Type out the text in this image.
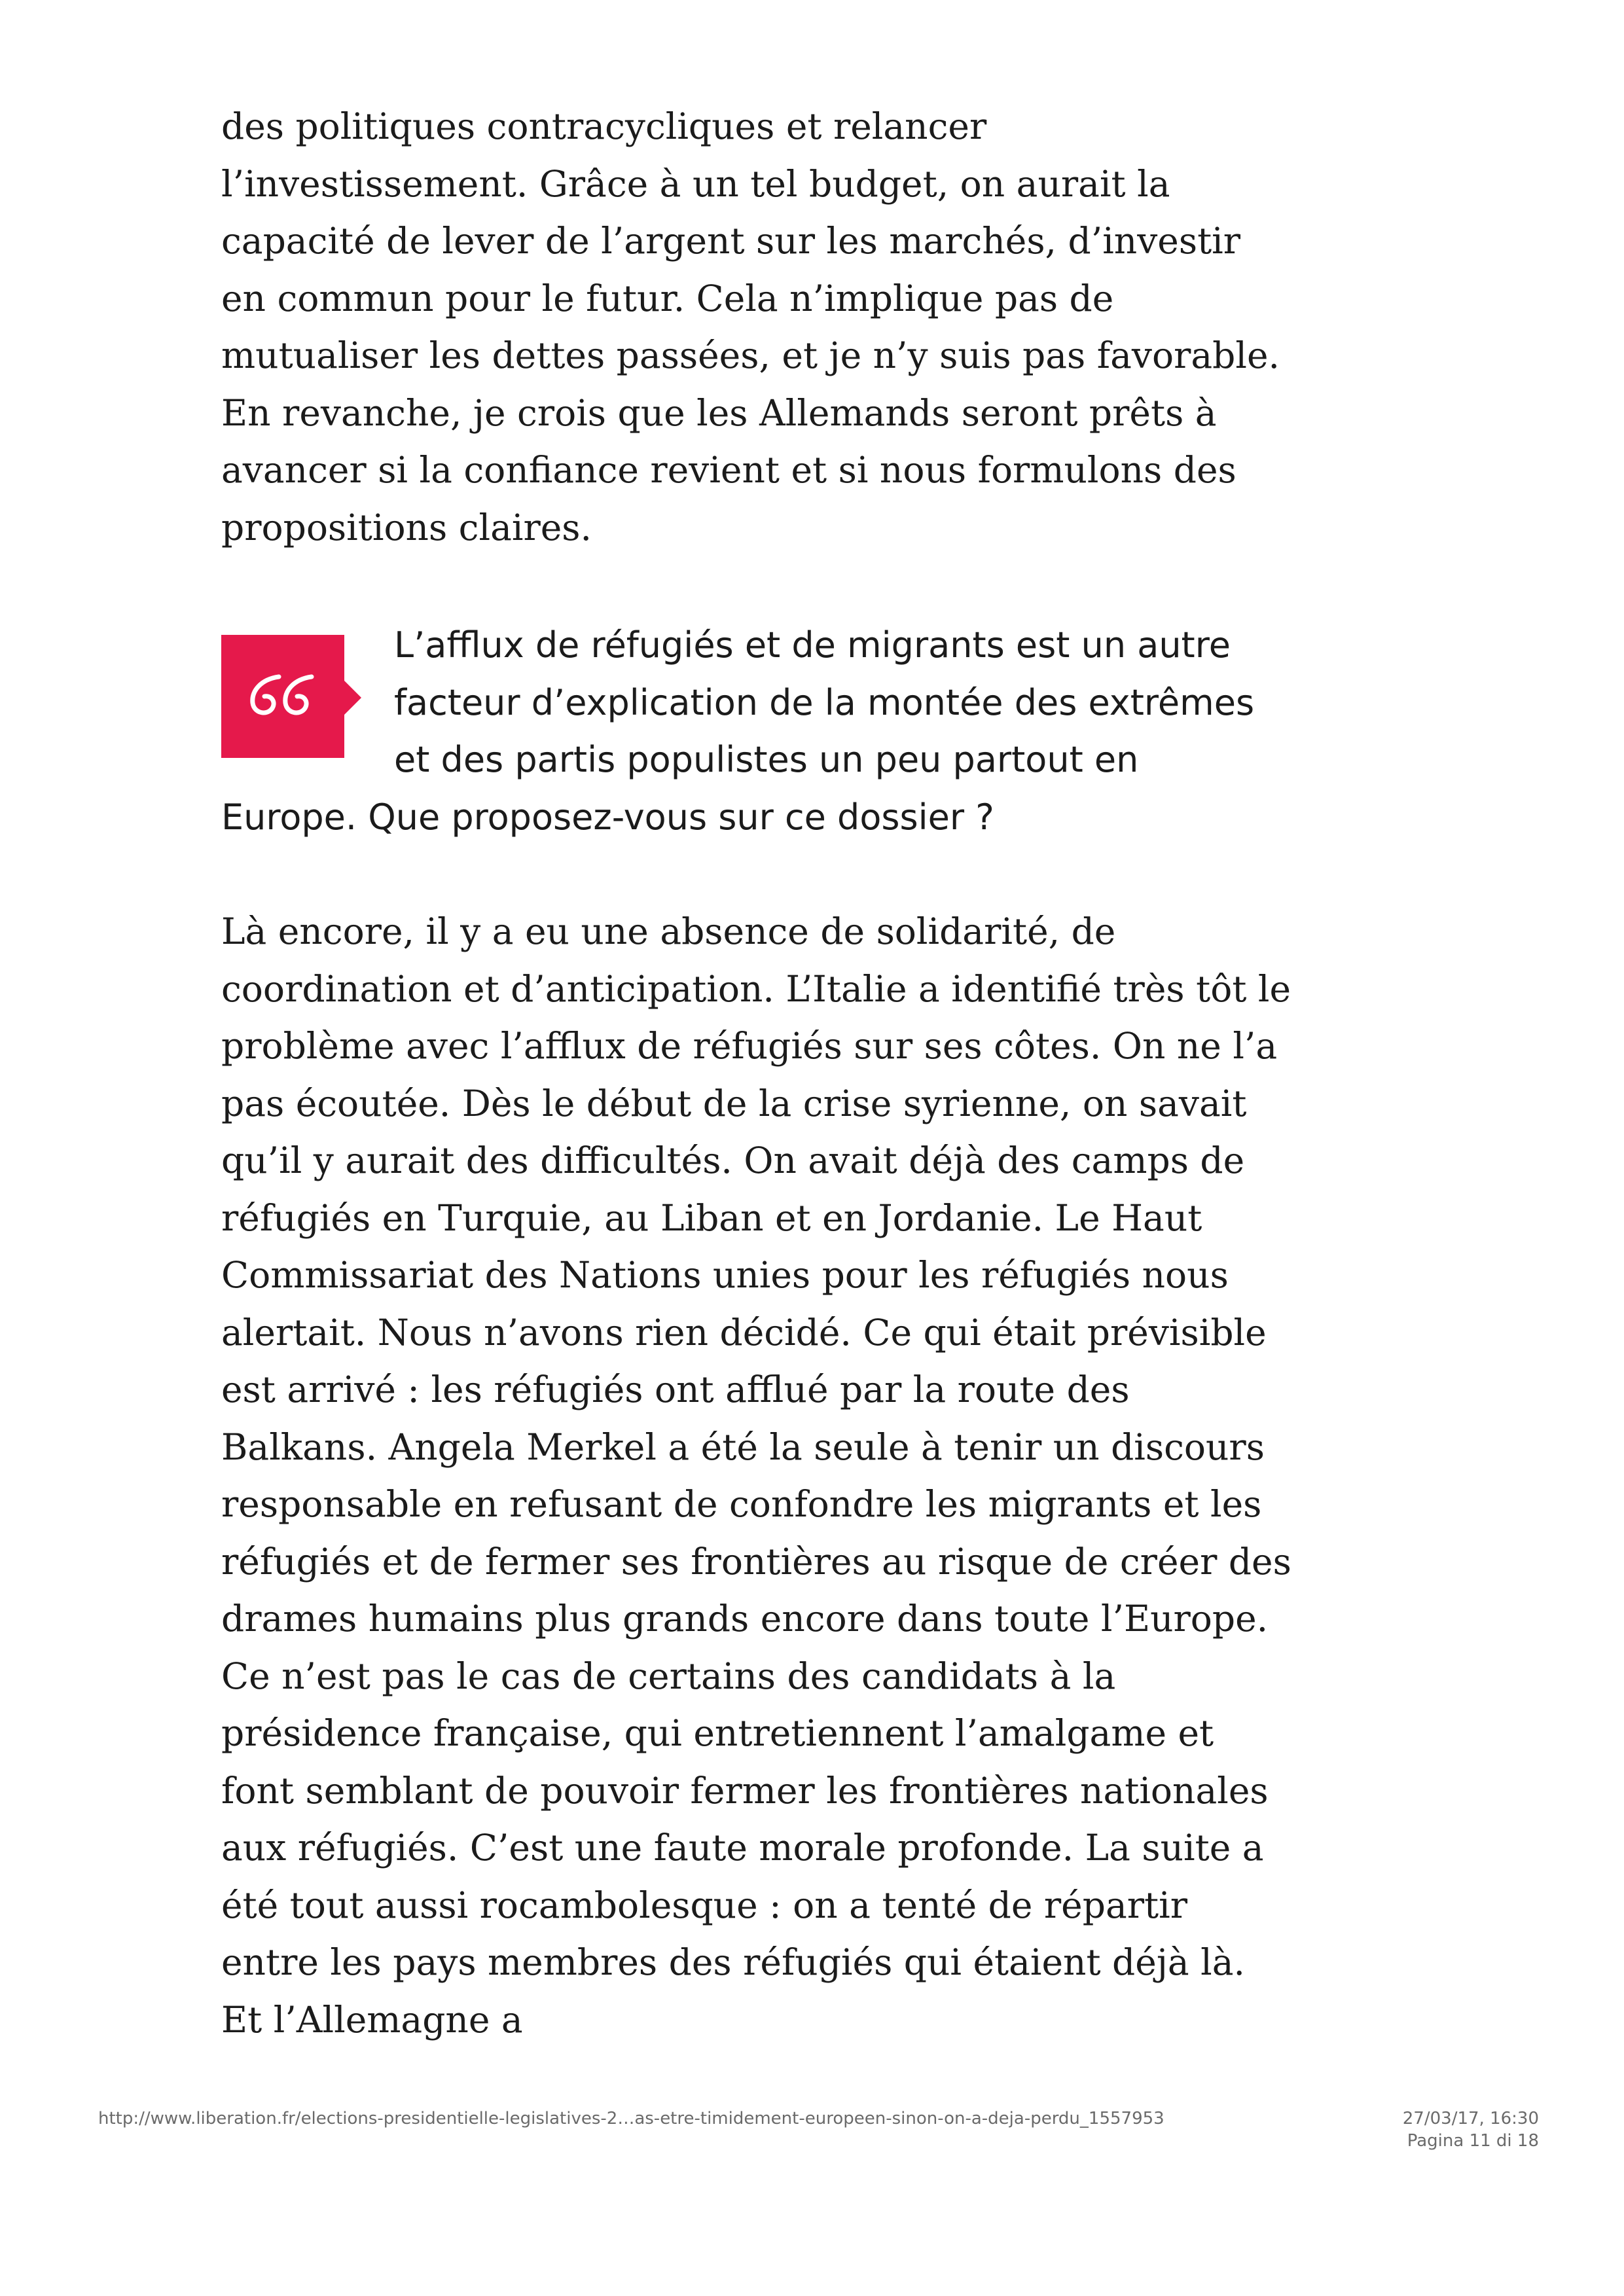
des politiques contracycliques et relancer l’investissement. Grâce à un tel budget, on aurait la capacité de lever de l’argent sur les marchés, d’investir en commun pour le futur. Cela n’implique pas de mutualiser les dettes passées, et je n’y suis pas favorable. En revanche, je crois que les Allemands seront prêts à avancer si la confiance revient et si nous formulons des propositions claires.

L’afflux de réfugiés et de migrants est un autre facteur d’explication de la montée des extrêmes et des partis populistes un peu partout en Europe. Que proposez-vous sur ce dossier ?

Là encore, il y a eu une absence de solidarité, de coordination et d’anticipation. L’Italie a identifié très tôt le problème avec l’afflux de réfugiés sur ses côtes. On ne l’a pas écoutée. Dès le début de la crise syrienne, on savait qu’il y aurait des difficultés. On avait déjà des camps de réfugiés en Turquie, au Liban et en Jordanie. Le Haut Commissariat des Nations unies pour les réfugiés nous alertait. Nous n’avons rien décidé. Ce qui était prévisible est arrivé : les réfugiés ont afflué par la route des Balkans. Angela Merkel a été la seule à tenir un discours responsable en refusant de confondre les migrants et les réfugiés et de fermer ses frontières au risque de créer des drames humains plus grands encore dans toute l’Europe. Ce n’est pas le cas de certains des candidats à la présidence française, qui entretiennent l’amalgame et font semblant de pouvoir fermer les frontières nationales aux réfugiés. C’est une faute morale profonde. La suite a été tout aussi rocambolesque : on a tenté de répartir entre les pays membres des réfugiés qui étaient déjà là. Et l’Allemagne a

http://www.liberation.fr/elections-presidentielle-legislatives-2…as-etre-timidement-europeen-sinon-on-a-deja-perdu_1557953	27/03/17, 16:30
Pagina 11 di 18
